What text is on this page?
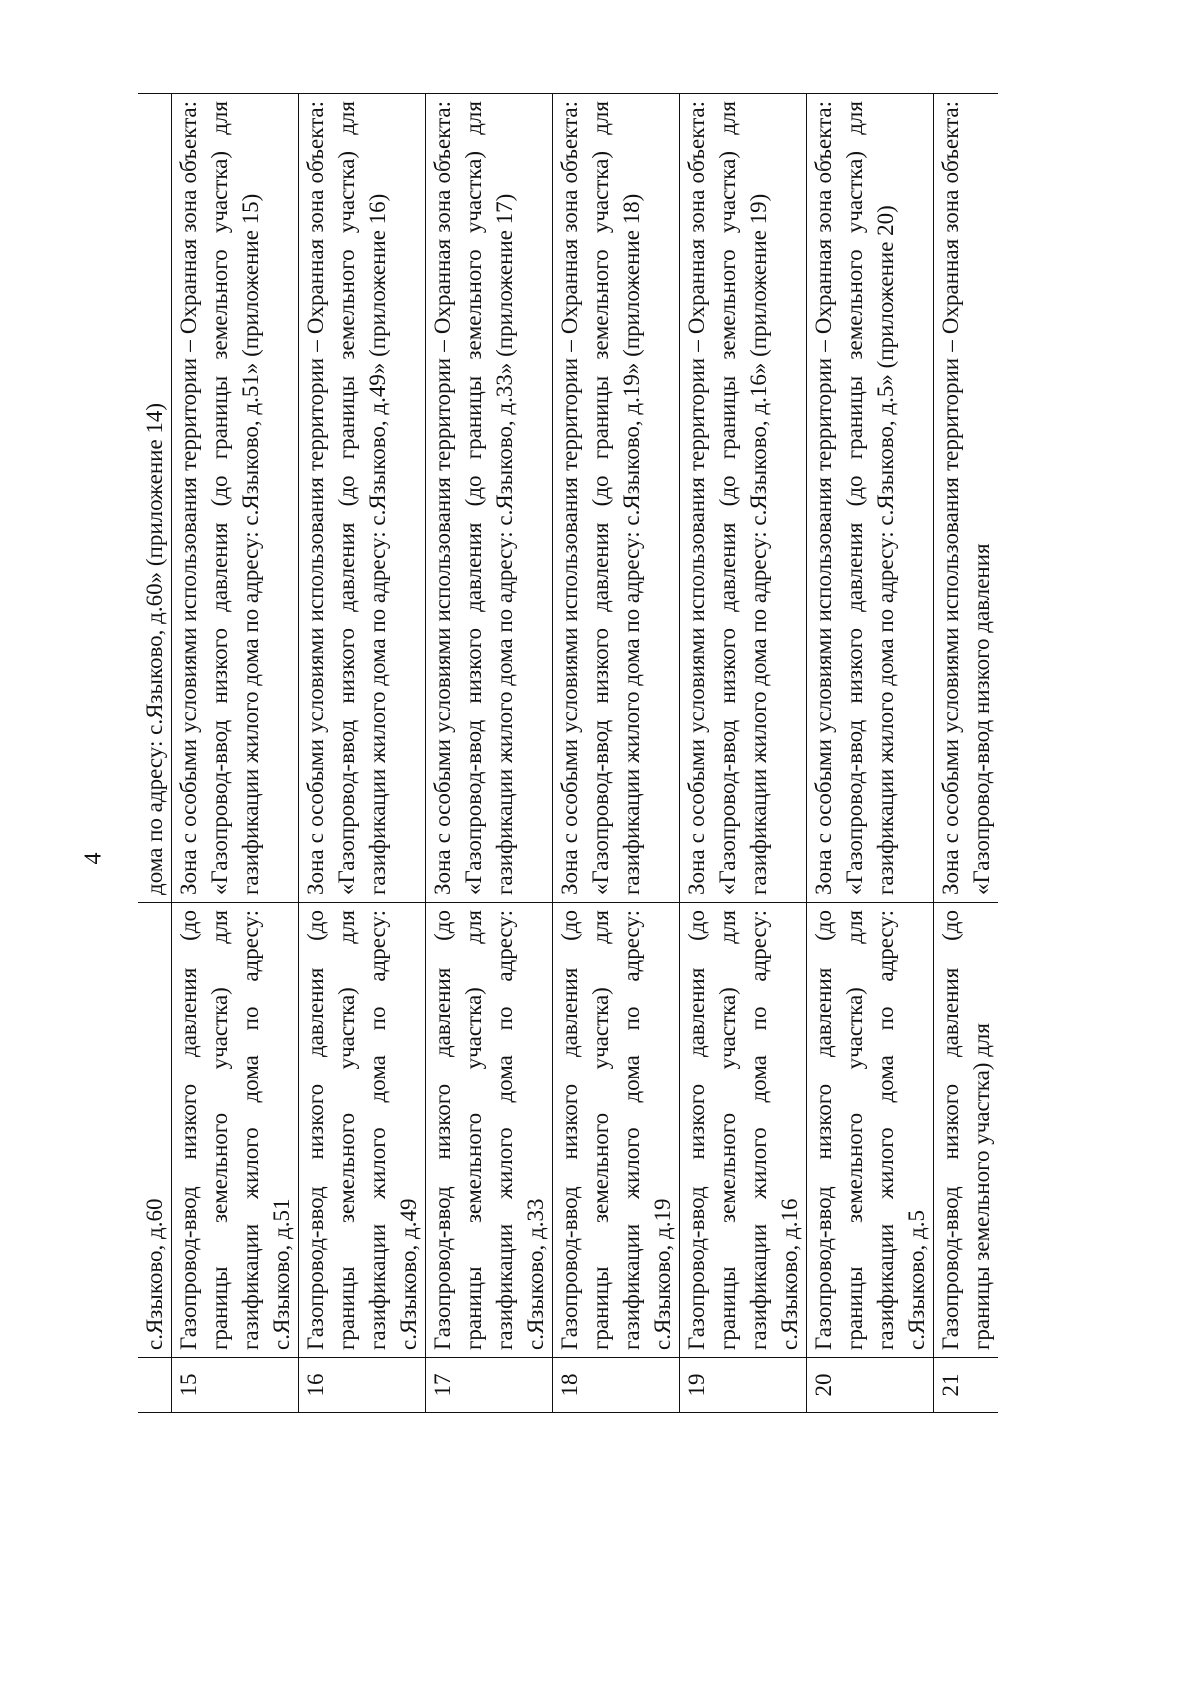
4
	с.Языково, д.60	дома по адресу: с.Языково, д.60» (приложение 14)
15	Газопровод-ввод низкого давления (до границы земельного участка) для газификации жилого дома по адресу: с.Языково, д.51	Зона с особыми условиями использования территории – Охранная зона объекта: «Газопровод-ввод низкого давления (до границы земельного участка) для газификации жилого дома по адресу: с.Языково, д.51» (приложение 15)
16	Газопровод-ввод низкого давления (до границы земельного участка) для газификации жилого дома по адресу: с.Языково, д.49	Зона с особыми условиями использования территории – Охранная зона объекта: «Газопровод-ввод низкого давления (до границы земельного участка) для газификации жилого дома по адресу: с.Языково, д.49» (приложение 16)
17	Газопровод-ввод низкого давления (до границы земельного участка) для газификации жилого дома по адресу: с.Языково, д.33	Зона с особыми условиями использования территории – Охранная зона объекта: «Газопровод-ввод низкого давления (до границы земельного участка) для газификации жилого дома по адресу: с.Языково, д.33» (приложение 17)
18	Газопровод-ввод низкого давления (до границы земельного участка) для газификации жилого дома по адресу: с.Языково, д.19	Зона с особыми условиями использования территории – Охранная зона объекта: «Газопровод-ввод низкого давления (до границы земельного участка) для газификации жилого дома по адресу: с.Языково, д.19» (приложение 18)
19	Газопровод-ввод низкого давления (до границы земельного участка) для газификации жилого дома по адресу: с.Языково, д.16	Зона с особыми условиями использования территории – Охранная зона объекта: «Газопровод-ввод низкого давления (до границы земельного участка) для газификации жилого дома по адресу: с.Языково, д.16» (приложение 19)
20	Газопровод-ввод низкого давления (до границы земельного участка) для газификации жилого дома по адресу: с.Языково, д.5	Зона с особыми условиями использования территории – Охранная зона объекта: «Газопровод-ввод низкого давления (до границы земельного участка) для газификации жилого дома по адресу: с.Языково, д.5» (приложение 20)
21	Газопровод-ввод низкого давления (до границы земельного участка) для	Зона с особыми условиями использования территории – Охранная зона объекта: «Газопровод-ввод низкого давления
